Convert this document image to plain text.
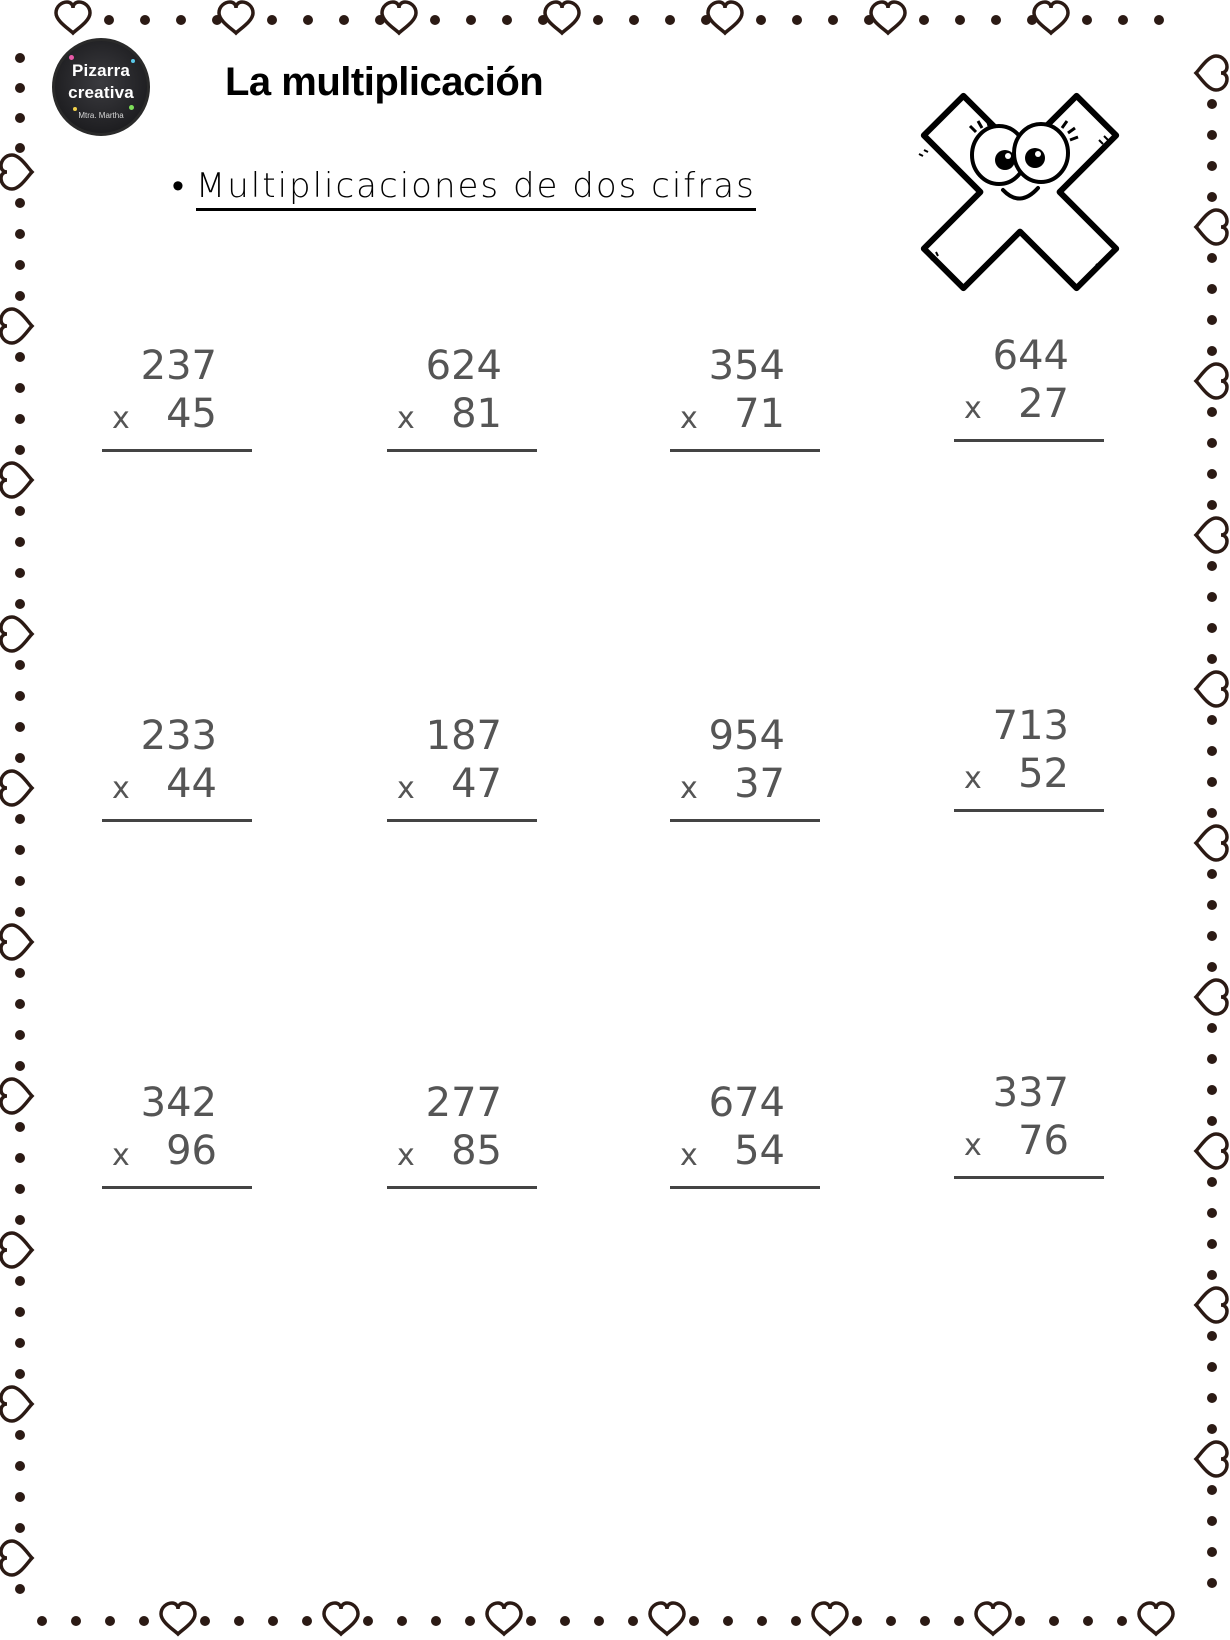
Pizarra
creativa
Mtra. Martha
La multiplicación
• Multiplicaciones de dos cifras
237
x 45
624
x 81
354
x 71
644
x 27
233
x 44
187
x 47
954
x 37
713
x 52
342
x 96
277
x 85
674
x 54
337
x 76
